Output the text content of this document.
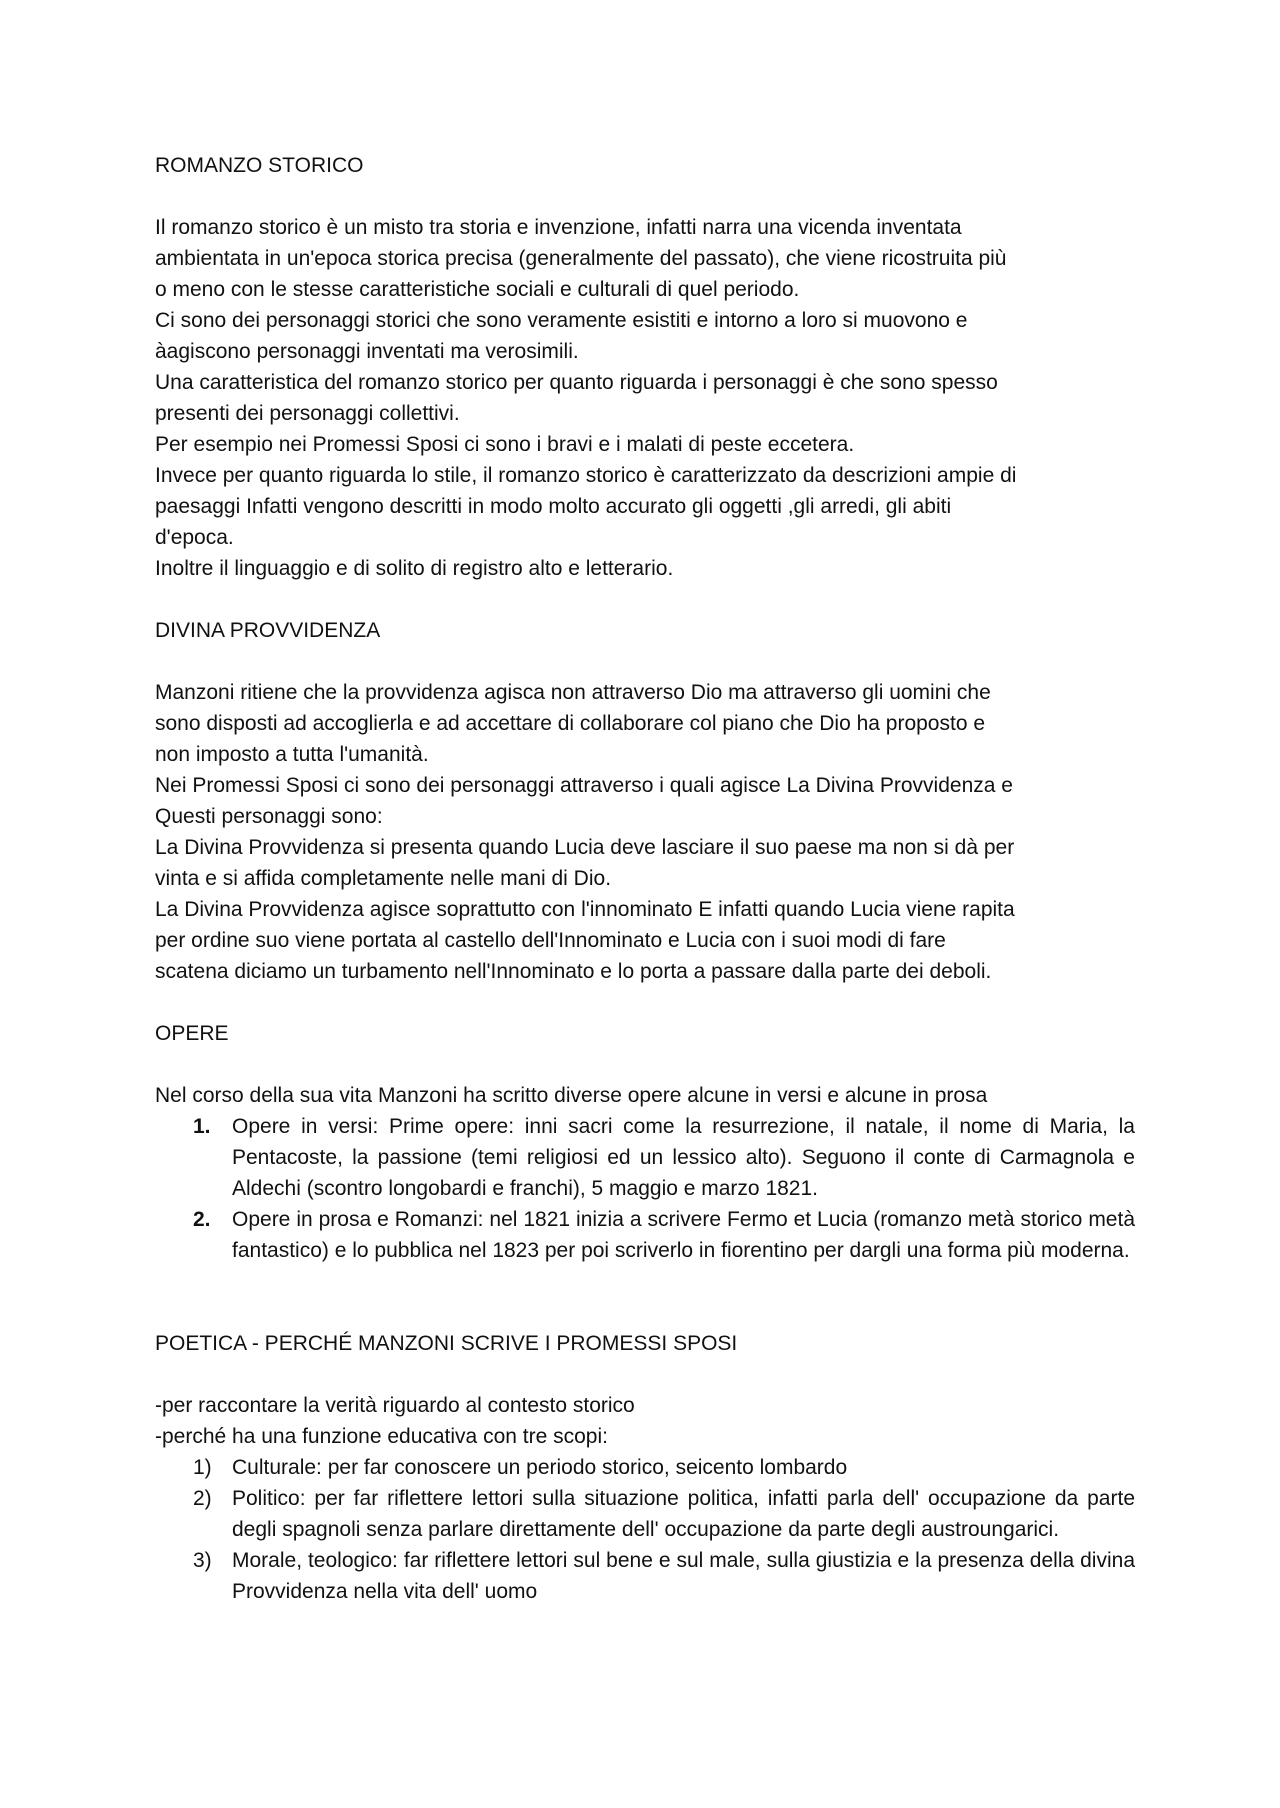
ROMANZO STORICO
Il romanzo storico è un misto tra storia e invenzione, infatti narra una vicenda inventata
ambientata in un'epoca storica precisa (generalmente del passato), che viene ricostruita più
o meno con le stesse caratteristiche sociali e culturali di quel periodo.
Ci sono dei personaggi storici che sono veramente esistiti e intorno a loro si muovono e
àagiscono personaggi inventati ma verosimili.
Una caratteristica del romanzo storico per quanto riguarda i personaggi è che sono spesso
presenti dei personaggi collettivi.
Per esempio nei Promessi Sposi ci sono i bravi e i malati di peste eccetera.
Invece per quanto riguarda lo stile, il romanzo storico è caratterizzato da descrizioni ampie di
paesaggi Infatti vengono descritti in modo molto accurato gli oggetti ,gli arredi, gli abiti
d'epoca.
Inoltre il linguaggio e di solito di registro alto e letterario.
DIVINA PROVVIDENZA
Manzoni ritiene che la provvidenza agisca non attraverso Dio ma attraverso gli uomini che
sono disposti ad accoglierla e ad accettare di collaborare col piano che Dio ha proposto e
non imposto a tutta l'umanità.
Nei Promessi Sposi ci sono dei personaggi attraverso i quali agisce La Divina Provvidenza e
Questi personaggi sono:
La Divina Provvidenza si presenta quando Lucia deve lasciare il suo paese ma non si dà per
vinta e si affida completamente nelle mani di Dio.
La Divina Provvidenza agisce soprattutto con l'innominato E infatti quando Lucia viene rapita
per ordine suo viene portata al castello dell'Innominato e Lucia con i suoi modi di fare
scatena diciamo un turbamento nell'Innominato e lo porta a passare dalla parte dei deboli.
OPERE
Nel corso della sua vita Manzoni ha scritto diverse opere alcune in versi e alcune in prosa
1. Opere in versi: Prime opere: inni sacri come la resurrezione, il natale, il nome di Maria, la Pentacoste, la passione (temi religiosi ed un lessico alto). Seguono il conte di Carmagnola e Aldechi (scontro longobardi e franchi), 5 maggio e marzo 1821.
2. Opere in prosa e Romanzi: nel 1821 inizia a scrivere Fermo et Lucia (romanzo metà storico metà fantastico) e lo pubblica nel 1823 per poi scriverlo in fiorentino per dargli una forma più moderna.
POETICA - PERCHÉ MANZONI SCRIVE I PROMESSI SPOSI
-per raccontare la verità riguardo al contesto storico
-perché ha una funzione educativa con tre scopi:
1) Culturale: per far conoscere un periodo storico, seicento lombardo
2) Politico: per far riflettere lettori sulla situazione politica, infatti parla dell' occupazione da parte degli spagnoli senza parlare direttamente dell' occupazione da parte degli austroungarici.
3) Morale, teologico: far riflettere lettori sul bene e sul male, sulla giustizia e la presenza della divina Provvidenza nella vita dell' uomo
